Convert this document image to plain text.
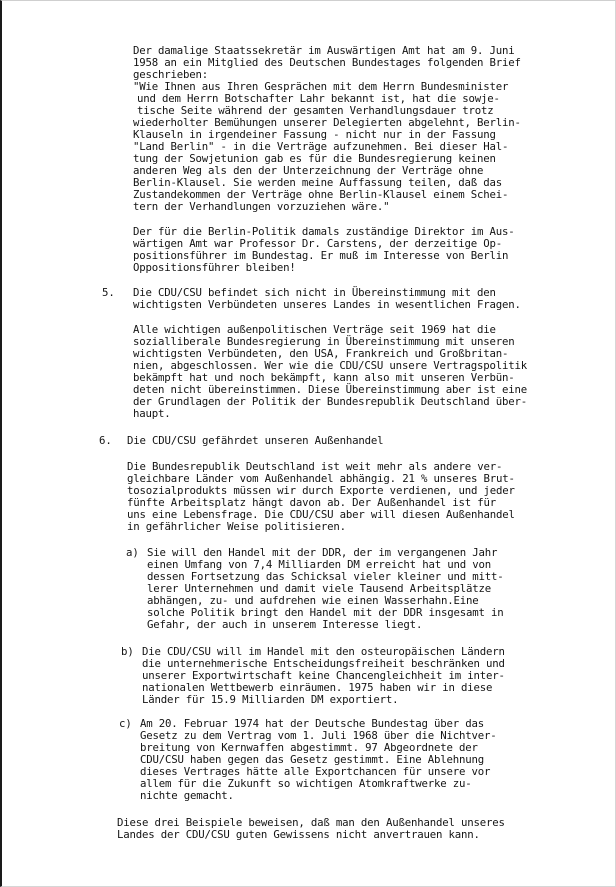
Der damalige Staatssekretär im Auswärtigen Amt hat am 9. Juni
1958 an ein Mitglied des Deutschen Bundestages folgenden Brief
geschrieben:
"Wie Ihnen aus Ihren Gesprächen mit dem Herrn Bundesminister
und dem Herrn Botschafter Lahr bekannt ist, hat die sowje-
tische Seite während der gesamten Verhandlungsdauer trotz
wiederholter Bemühungen unserer Delegierten abgelehnt, Berlin-
Klauseln in irgendeiner Fassung - nicht nur in der Fassung
"Land Berlin" - in die Verträge aufzunehmen. Bei dieser Hal-
tung der Sowjetunion gab es für die Bundesregierung keinen
anderen Weg als den der Unterzeichnung der Verträge ohne
Berlin-Klausel. Sie werden meine Auffassung teilen, daß das
Zustandekommen der Verträge ohne Berlin-Klausel einem Schei-
tern der Verhandlungen vorzuziehen wäre."
Der für die Berlin-Politik damals zuständige Direktor im Aus-
wärtigen Amt war Professor Dr. Carstens, der derzeitige Op-
positionsführer im Bundestag. Er muß im Interesse von Berlin
Oppositionsführer bleiben!
5. Die CDU/CSU befindet sich nicht in Übereinstimmung mit den
wichtigsten Verbündeten unseres Landes in wesentlichen Fragen.
Alle wichtigen außenpolitischen Verträge seit 1969 hat die
sozialliberale Bundesregierung in Übereinstimmung mit unseren
wichtigsten Verbündeten, den USA, Frankreich und Großbritan-
nien, abgeschlossen. Wer wie die CDU/CSU unsere Vertragspolitik
bekämpft hat und noch bekämpft, kann also mit unseren Verbün-
deten nicht übereinstimmen. Diese Übereinstimmung aber ist eine
der Grundlagen der Politik der Bundesrepublik Deutschland über-
haupt.
6. Die CDU/CSU gefährdet unseren Außenhandel
Die Bundesrepublik Deutschland ist weit mehr als andere ver-
gleichbare Länder vom Außenhandel abhängig. 21 % unseres Brut-
tosozialprodukts müssen wir durch Exporte verdienen, und jeder
fünfte Arbeitsplatz hängt davon ab. Der Außenhandel ist für
uns eine Lebensfrage. Die CDU/CSU aber will diesen Außenhandel
in gefährlicher Weise politisieren.
a) Sie will den Handel mit der DDR, der im vergangenen Jahr
einen Umfang von 7,4 Milliarden DM erreicht hat und von
dessen Fortsetzung das Schicksal vieler kleiner und mitt-
lerer Unternehmen und damit viele Tausend Arbeitsplätze
abhängen, zu- und aufdrehen wie einen Wasserhahn.Eine
solche Politik bringt den Handel mit der DDR insgesamt in
Gefahr, der auch in unserem Interesse liegt.
b) Die CDU/CSU will im Handel mit den osteuropäischen Ländern
die unternehmerische Entscheidungsfreiheit beschränken und
unserer Exportwirtschaft keine Chancengleichheit im inter-
nationalen Wettbewerb einräumen. 1975 haben wir in diese
Länder für 15.9 Milliarden DM exportiert.
c) Am 20. Februar 1974 hat der Deutsche Bundestag über das
Gesetz zu dem Vertrag vom 1. Juli 1968 über die Nichtver-
breitung von Kernwaffen abgestimmt. 97 Abgeordnete der
CDU/CSU haben gegen das Gesetz gestimmt. Eine Ablehnung
dieses Vertrages hätte alle Exportchancen für unsere vor
allem für die Zukunft so wichtigen Atomkraftwerke zu-
nichte gemacht.
Diese drei Beispiele beweisen, daß man den Außenhandel unseres
Landes der CDU/CSU guten Gewissens nicht anvertrauen kann.
